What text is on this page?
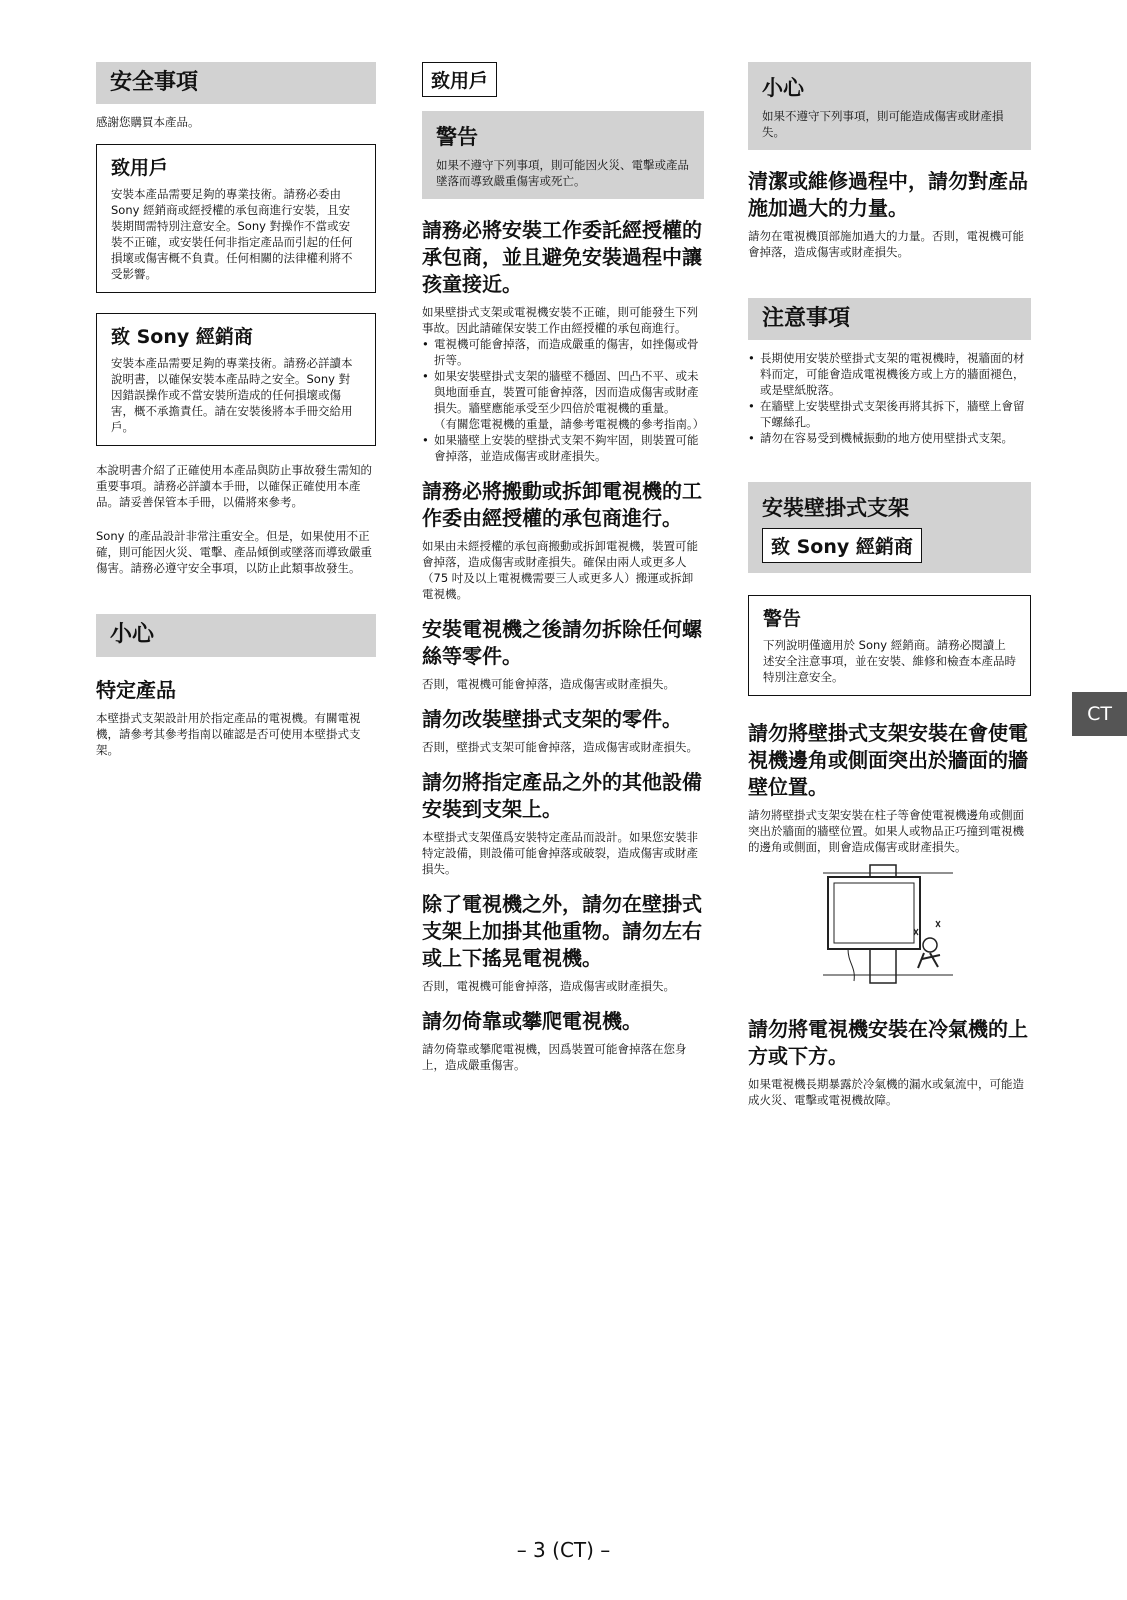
安全事項

感謝您購買本產品。

致用戶

安裝本產品需要足夠的專業技術。請務必委由 Sony 經銷商或經授權的承包商進行安裝，且安裝期間需特別注意安全。Sony 對操作不當或安裝不正確，或安裝任何非指定產品而引起的任何損壞或傷害概不負責。任何相關的法律權利將不受影響。

致 Sony 經銷商

安裝本產品需要足夠的專業技術。請務必詳讀本說明書，以確保安裝本產品時之安全。Sony 對因錯誤操作或不當安裝所造成的任何損壞或傷害，概不承擔責任。請在安裝後將本手冊交給用戶。

本說明書介紹了正確使用本產品與防止事故發生需知的重要事項。請務必詳讀本手冊，以確保正確使用本產品。請妥善保管本手冊，以備將來參考。

Sony 的產品設計非常注重安全。但是，如果使用不正確，則可能因火災、電擊、產品傾倒或墜落而導致嚴重傷害。請務必遵守安全事項，以防止此類事故發生。

小心
特定產品

本壁掛式支架設計用於指定產品的電視機。有關電視機，請參考其參考指南以確認是否可使用本壁掛式支架。

致用戶
警告

如果不遵守下列事項，則可能因火災、電擊或產品墜落而導致嚴重傷害或死亡。

請務必將安裝工作委託經授權的承包商，並且避免安裝過程中讓孩童接近。

如果壁掛式支架或電視機安裝不正確，則可能發生下列事故。因此請確保安裝工作由經授權的承包商進行。

• 電視機可能會掉落，而造成嚴重的傷害，如挫傷或骨折等。
• 如果安裝壁掛式支架的牆壁不穩固、凹凸不平、或未與地面垂直，裝置可能會掉落，因而造成傷害或財產損失。牆壁應能承受至少四倍於電視機的重量。
（有關您電視機的重量，請參考電視機的參考指南。）
• 如果牆壁上安裝的壁掛式支架不夠牢固，則裝置可能會掉落，並造成傷害或財產損失。
請務必將搬動或拆卸電視機的工作委由經授權的承包商進行。

如果由未經授權的承包商搬動或拆卸電視機，裝置可能會掉落，造成傷害或財產損失。確保由兩人或更多人（75 吋及以上電視機需要三人或更多人）搬運或拆卸電視機。

安裝電視機之後請勿拆除任何螺絲等零件。

否則，電視機可能會掉落，造成傷害或財產損失。

請勿改裝壁掛式支架的零件。

否則，壁掛式支架可能會掉落，造成傷害或財產損失。

請勿將指定產品之外的其他設備安裝到支架上。

本壁掛式支架僅爲安裝特定產品而設計。如果您安裝非特定設備，則設備可能會掉落或破裂，造成傷害或財產損失。

除了電視機之外，請勿在壁掛式支架上加掛其他重物。請勿左右或上下搖晃電視機。

否則，電視機可能會掉落，造成傷害或財產損失。

請勿倚靠或攀爬電視機。

請勿倚靠或攀爬電視機，因爲裝置可能會掉落在您身上，造成嚴重傷害。

小心

如果不遵守下列事項，則可能造成傷害或財產損失。

清潔或維修過程中，請勿對產品施加過大的力量。

請勿在電視機頂部施加過大的力量。否則，電視機可能會掉落，造成傷害或財產損失。

注意事項
• 長期使用安裝於壁掛式支架的電視機時，視牆面的材料而定，可能會造成電視機後方或上方的牆面褪色，或是壁紙脫落。
• 在牆壁上安裝壁掛式支架後再將其拆下，牆壁上會留下螺絲孔。
• 請勿在容易受到機械振動的地方使用壁掛式支架。
安裝壁掛式支架
致 Sony 經銷商
警告

下列說明僅適用於 Sony 經銷商。請務必閱讀上述安全注意事項，並在安裝、維修和檢查本產品時特別注意安全。

請勿將壁掛式支架安裝在會使電視機邊角或側面突出於牆面的牆壁位置。

請勿將壁掛式支架安裝在柱子等會使電視機邊角或側面突出於牆面的牆壁位置。如果人或物品正巧撞到電視機的邊角或側面，則會造成傷害或財產損失。

請勿將電視機安裝在冷氣機的上方或下方。

如果電視機長期暴露於冷氣機的漏水或氣流中，可能造成火災、電擊或電視機故障。

CT
– 3 (CT) –
